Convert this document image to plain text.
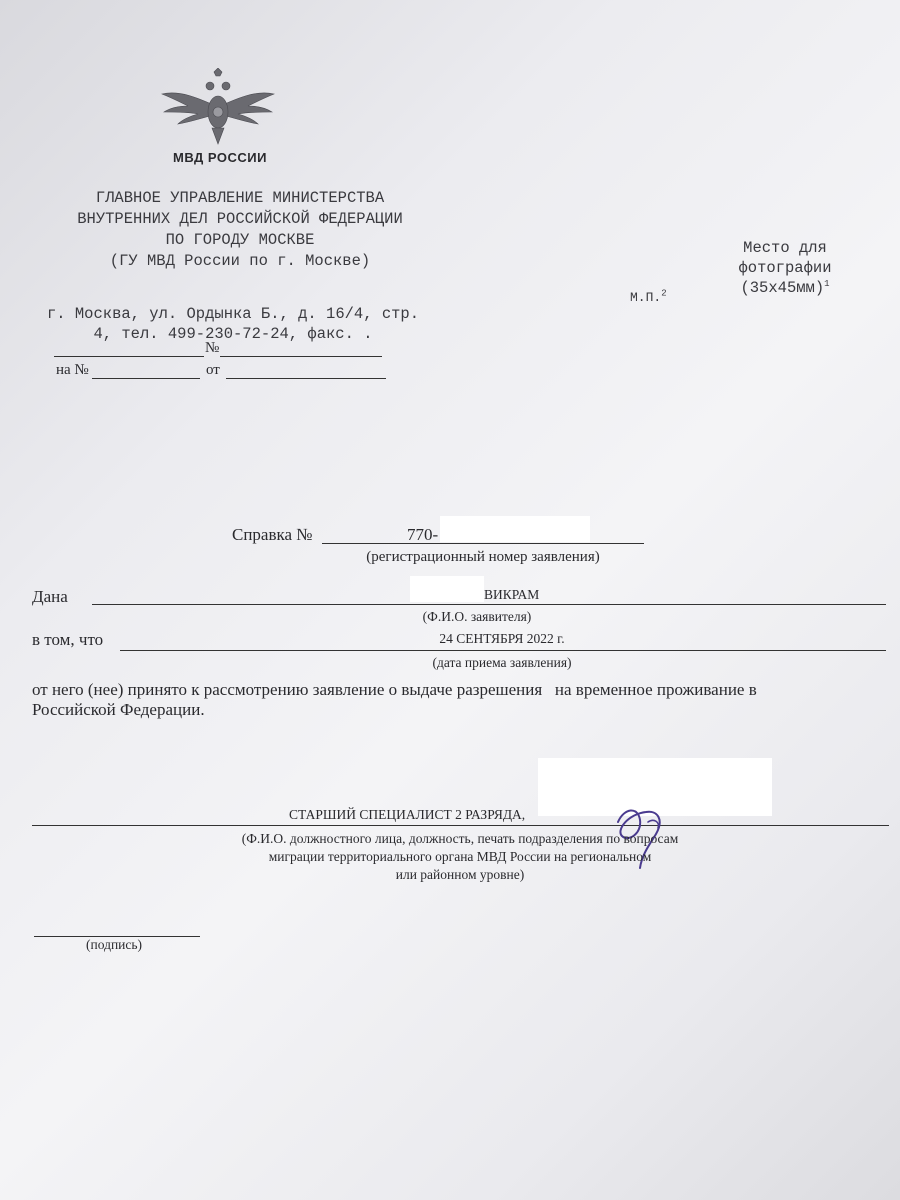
МВД РОССИИ
ГЛАВНОЕ УПРАВЛЕНИЕ МИНИСТЕРСТВА
ВНУТРЕННИХ ДЕЛ РОССИЙСКОЙ ФЕДЕРАЦИИ
ПО ГОРОДУ МОСКВЕ
(ГУ МВД России по г. Москве)
г. Москва, ул. Ордынка Б., д. 16/4, стр.
4, тел. 499-230-72-24, факс. .
№
на №	от
Место для
фотографии
$(35х45мм)^1$
М.П.$^2$
Справка №	770-
(регистрационный номер заявления)
Дана	ВИКРАМ
(Ф.И.О. заявителя)
в том, что	24 СЕНТЯБРЯ 2022 г.
(дата приема заявления)
от него (нее) принято к рассмотрению заявление о выдаче разрешения   на временное проживание в
Российской Федерации.
СТАРШИЙ СПЕЦИАЛИСТ 2 РАЗРЯДА,
(Ф.И.О. должностного лица, должность, печать подразделения по вопросам
миграции территориального органа МВД России на региональном
или районном уровне)
(подпись)
